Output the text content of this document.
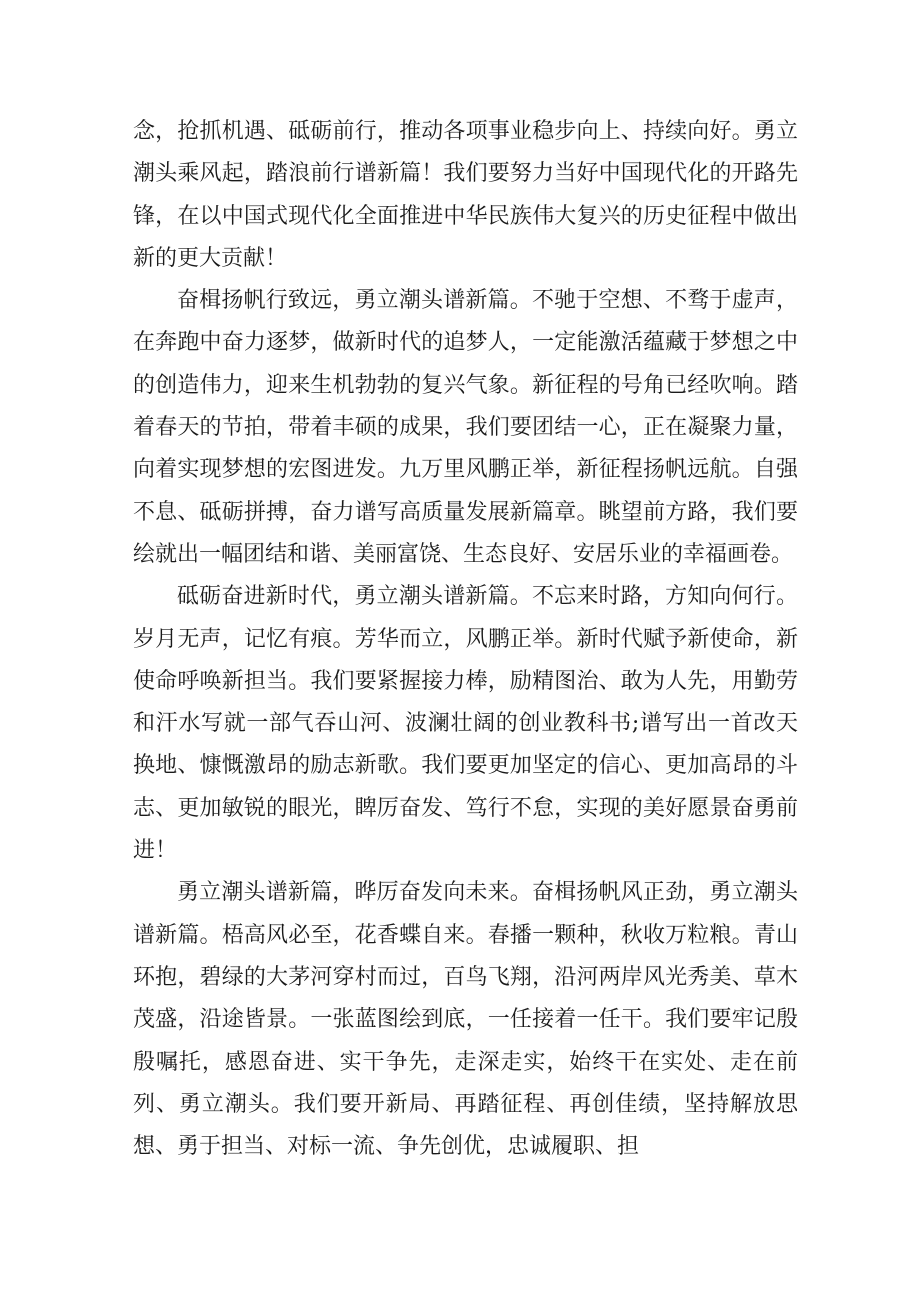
念，抢抓机遇、砥砺前行，推动各项事业稳步向上、持续向好。勇立潮头乘风起，踏浪前行谱新篇！我们要努力当好中国现代化的开路先锋，在以中国式现代化全面推进中华民族伟大复兴的历史征程中做出新的更大贡献！

奋楫扬帆行致远，勇立潮头谱新篇。不驰于空想、不骛于虚声，在奔跑中奋力逐梦，做新时代的追梦人，一定能激活蕴藏于梦想之中的创造伟力，迎来生机勃勃的复兴气象。新征程的号角已经吹响。踏着春天的节拍，带着丰硕的成果，我们要团结一心，正在凝聚力量，向着实现梦想的宏图进发。九万里风鹏正举，新征程扬帆远航。自强不息、砥砺拼搏，奋力谱写高质量发展新篇章。眺望前方路，我们要绘就出一幅团结和谐、美丽富饶、生态良好、安居乐业的幸福画卷。

砥砺奋进新时代，勇立潮头谱新篇。不忘来时路，方知向何行。岁月无声，记忆有痕。芳华而立，风鹏正举。新时代赋予新使命，新使命呼唤新担当。我们要紧握接力棒，励精图治、敢为人先，用勤劳和汗水写就一部气吞山河、波澜壮阔的创业教科书;谱写出一首改天换地、慷慨激昂的励志新歌。我们要更加坚定的信心、更加高昂的斗志、更加敏锐的眼光，睥厉奋发、笃行不怠，实现的美好愿景奋勇前进！

勇立潮头谱新篇，晔厉奋发向未来。奋楫扬帆风正劲，勇立潮头谱新篇。梧高风必至，花香蝶自来。春播一颗种，秋收万粒粮。青山环抱，碧绿的大茅河穿村而过，百鸟飞翔，沿河两岸风光秀美、草木茂盛，沿途皆景。一张蓝图绘到底，一任接着一任干。我们要牢记殷殷嘱托，感恩奋进、实干争先，走深走实，始终干在实处、走在前列、勇立潮头。我们要开新局、再踏征程、再创佳绩，坚持解放思想、勇于担当、对标一流、争先创优，忠诚履职、担
